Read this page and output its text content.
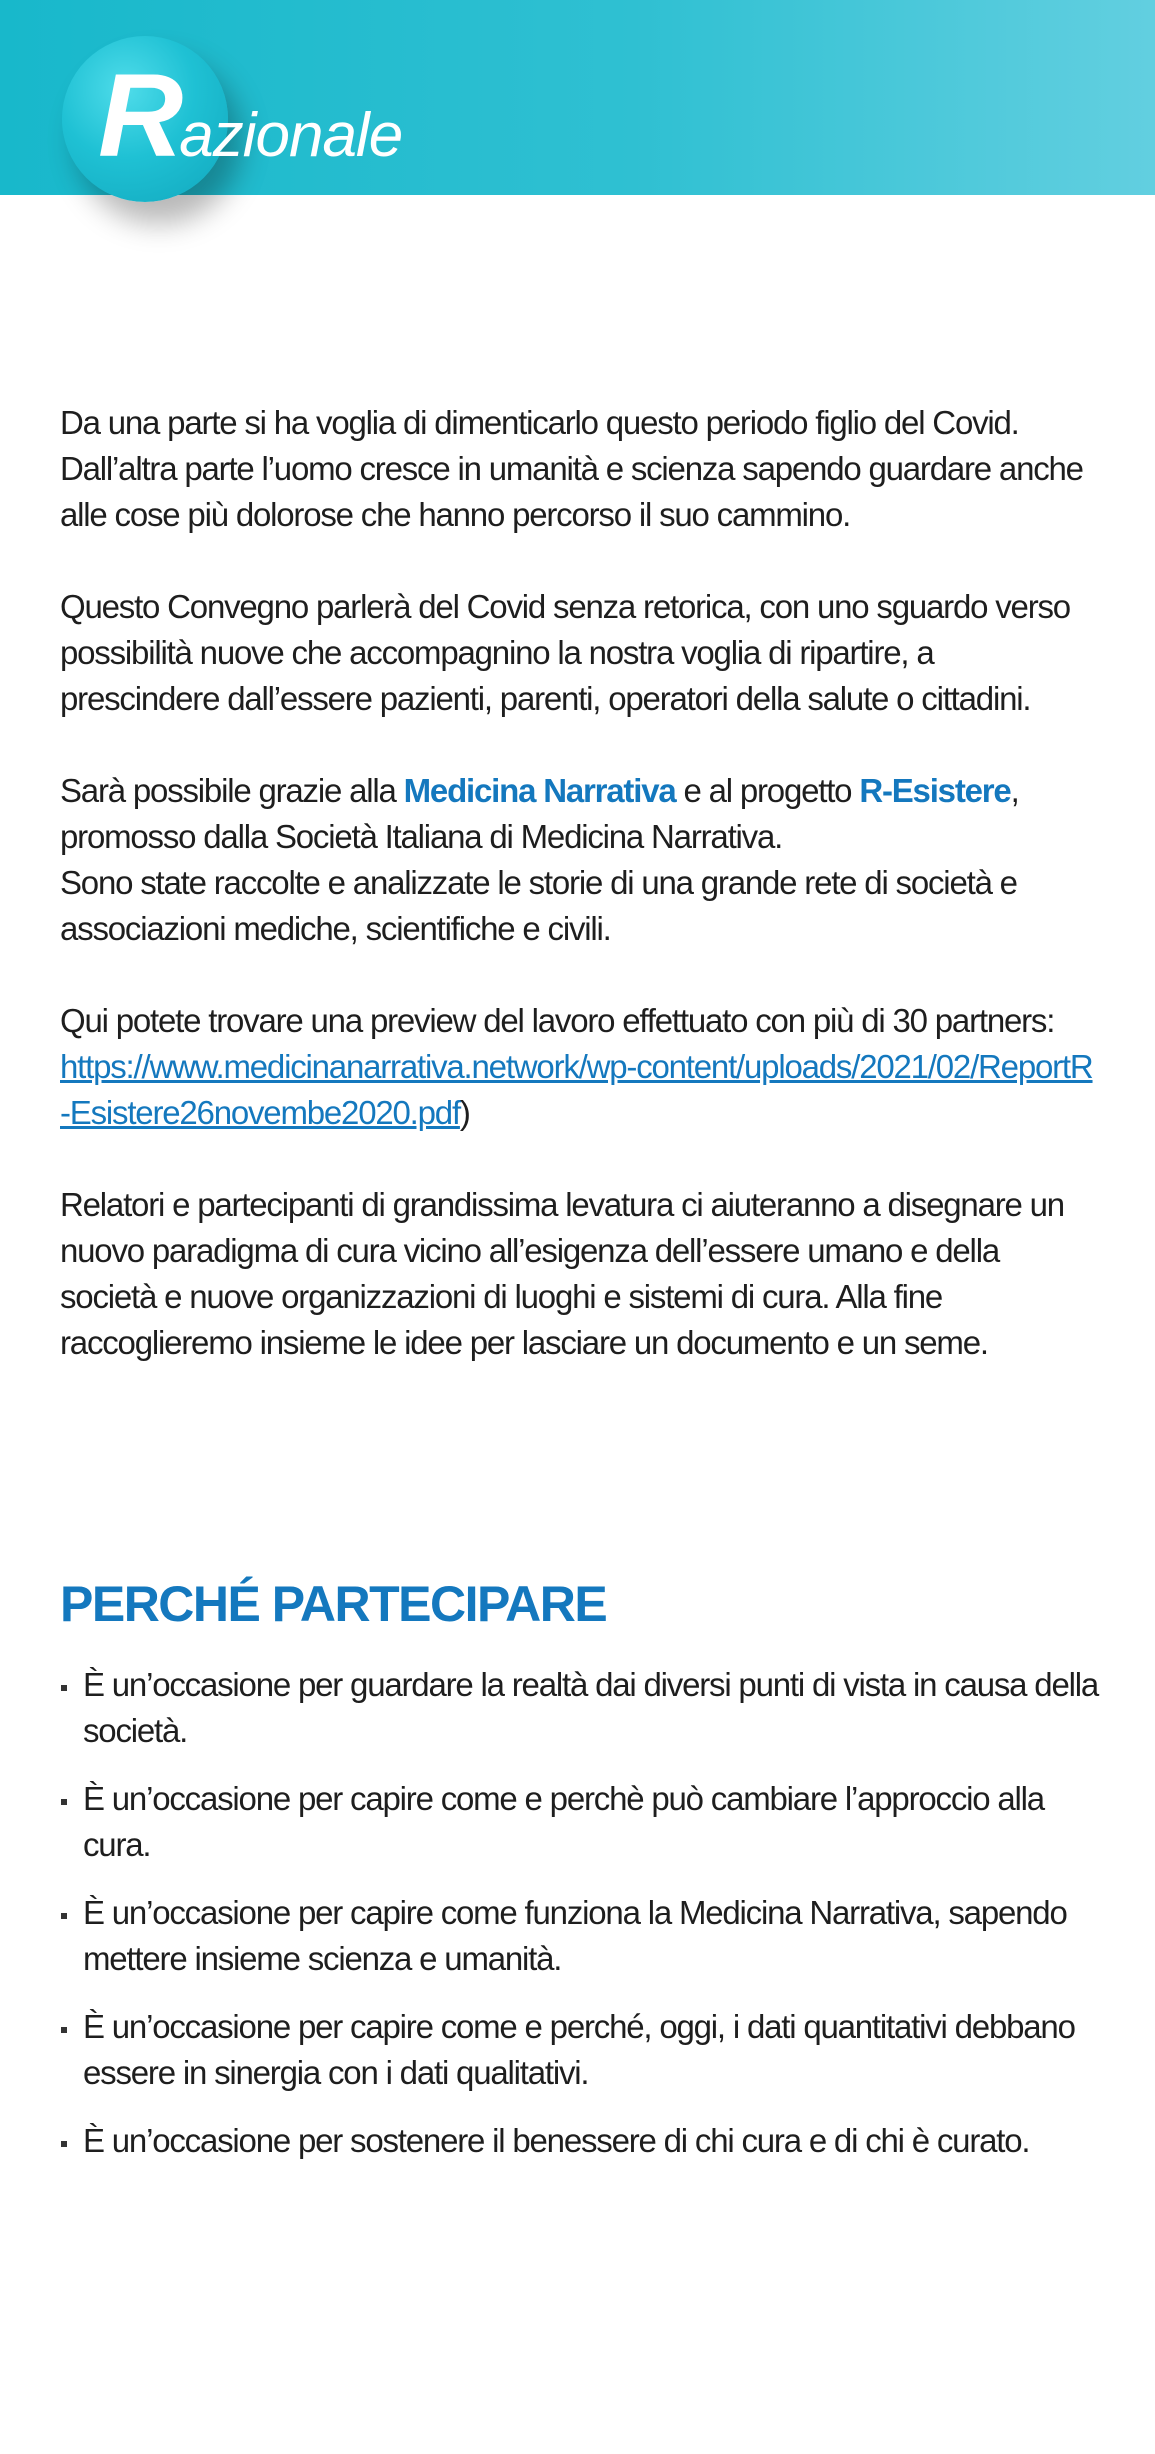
Razionale

Da una parte si ha voglia di dimenticarlo questo periodo figlio del Covid. Dall’altra parte l’uomo cresce in umanità e scienza sapendo guardare anche alle cose più dolorose che hanno percorso il suo cammino.

Questo Convegno parlerà del Covid senza retorica, con uno sguardo verso possibilità nuove che accompagnino la nostra voglia di ripartire, a prescindere dall’essere pazienti, parenti, operatori della salute o cittadini.

Sarà possibile grazie alla Medicina Narrativa e al progetto R-Esistere,
promosso dalla Società Italiana di Medicina Narrativa.
Sono state raccolte e analizzate le storie di una grande rete di società e associazioni mediche, scientifiche e civili.

Qui potete trovare una preview del lavoro effettuato con più di 30 partners:
https://www.medicinanarrativa.network/wp-content/uploads/2021/02/ReportR-Esistere26novembe2020.pdf)

Relatori e partecipanti di grandissima levatura ci aiuteranno a disegnare un nuovo paradigma di cura vicino all’esigenza dell’essere umano e della società e nuove organizzazioni di luoghi e sistemi di cura. Alla fine raccoglieremo insieme le idee per lasciare un documento e un seme.

PERCHÉ PARTECIPARE
È un’occasione per guardare la realtà dai diversi punti di vista in causa della società.
È un’occasione per capire come e perchè può cambiare l’approccio alla cura.
È un’occasione per capire come funziona la Medicina Narrativa, sapendo mettere insieme scienza e umanità.
È un’occasione per capire come e perché, oggi, i dati quantitativi debbano essere in sinergia con i dati qualitativi.
È un’occasione per sostenere il benessere di chi cura e di chi è curato.
